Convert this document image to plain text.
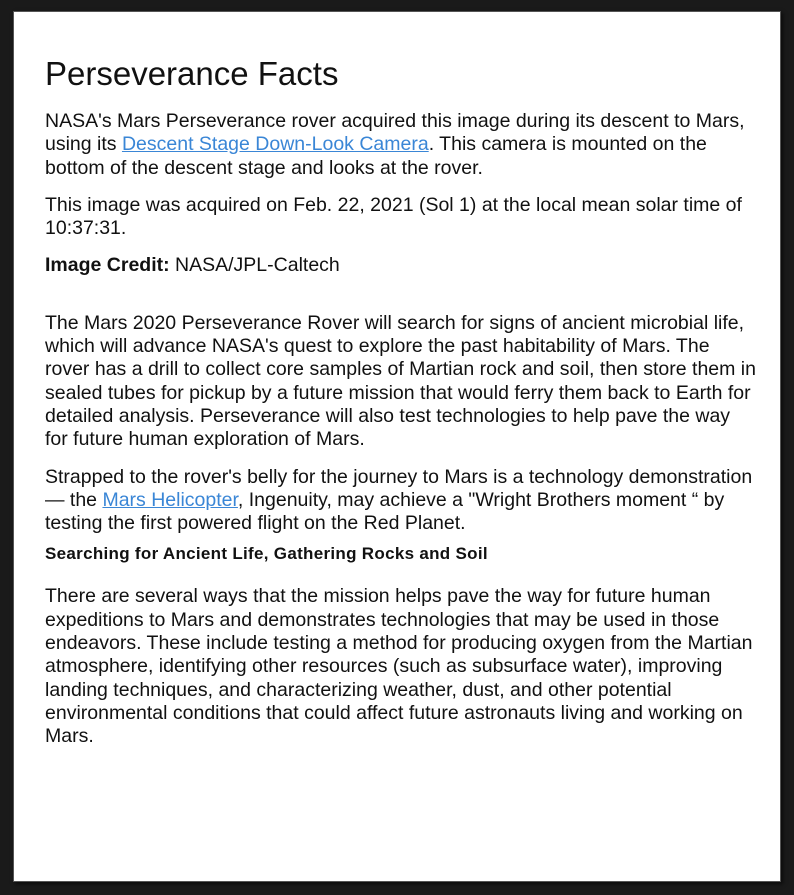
Perseverance Facts

NASA's Mars Perseverance rover acquired this image during its descent to Mars, using its Descent Stage Down-Look Camera. This camera is mounted on the bottom of the descent stage and looks at the rover.

This image was acquired on Feb. 22, 2021 (Sol 1) at the local mean solar time of 10:37:31.

Image Credit: NASA/JPL-Caltech

The Mars 2020 Perseverance Rover will search for signs of ancient microbial life, which will advance NASA's quest to explore the past habitability of Mars. The rover has a drill to collect core samples of Martian rock and soil, then store them in sealed tubes for pickup by a future mission that would ferry them back to Earth for detailed analysis. Perseverance will also test technologies to help pave the way for future human exploration of Mars.

Strapped to the rover's belly for the journey to Mars is a technology demonstration — the Mars Helicopter, Ingenuity, may achieve a "Wright Brothers moment “ by testing the first powered flight on the Red Planet.

Searching for Ancient Life, Gathering Rocks and Soil

There are several ways that the mission helps pave the way for future human expeditions to Mars and demonstrates technologies that may be used in those endeavors. These include testing a method for producing oxygen from the Martian atmosphere, identifying other resources (such as subsurface water), improving landing techniques, and characterizing weather, dust, and other potential environmental conditions that could affect future astronauts living and working on Mars.
